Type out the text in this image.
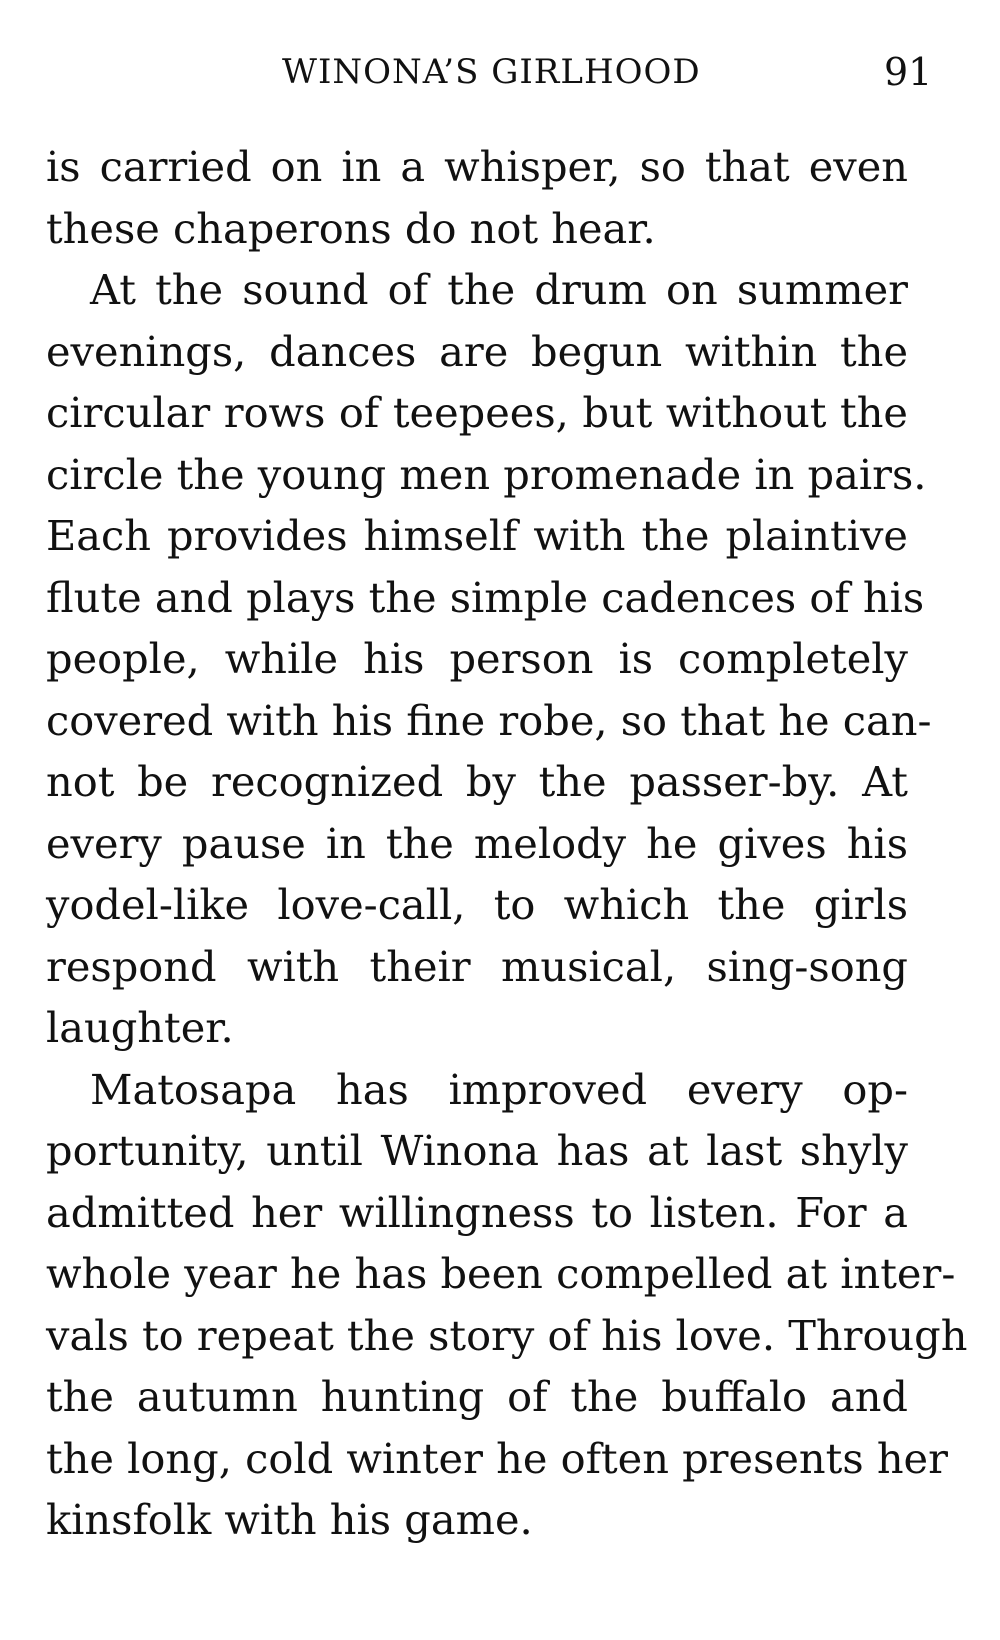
WINONA’S GIRLHOOD	91
is carried on in a whisper, so that even
these chaperons do not hear.
At the sound of the drum on summer
evenings, dances are begun within the
circular rows of teepees, but without the
circle the young men promenade in pairs.
Each provides himself with the plaintive
flute and plays the simple cadences of his
people, while his person is completely
covered with his fine robe, so that he can-
not be recognized by the passer-by. At
every pause in the melody he gives his
yodel-like love-call, to which the girls
respond with their musical, sing-song
laughter.
Matosapa has improved every op-
portunity, until Winona has at last shyly
admitted her willingness to listen. For a
whole year he has been compelled at inter-
vals to repeat the story of his love. Through
the autumn hunting of the buffalo and
the long, cold winter he often presents her
kinsfolk with his game.
